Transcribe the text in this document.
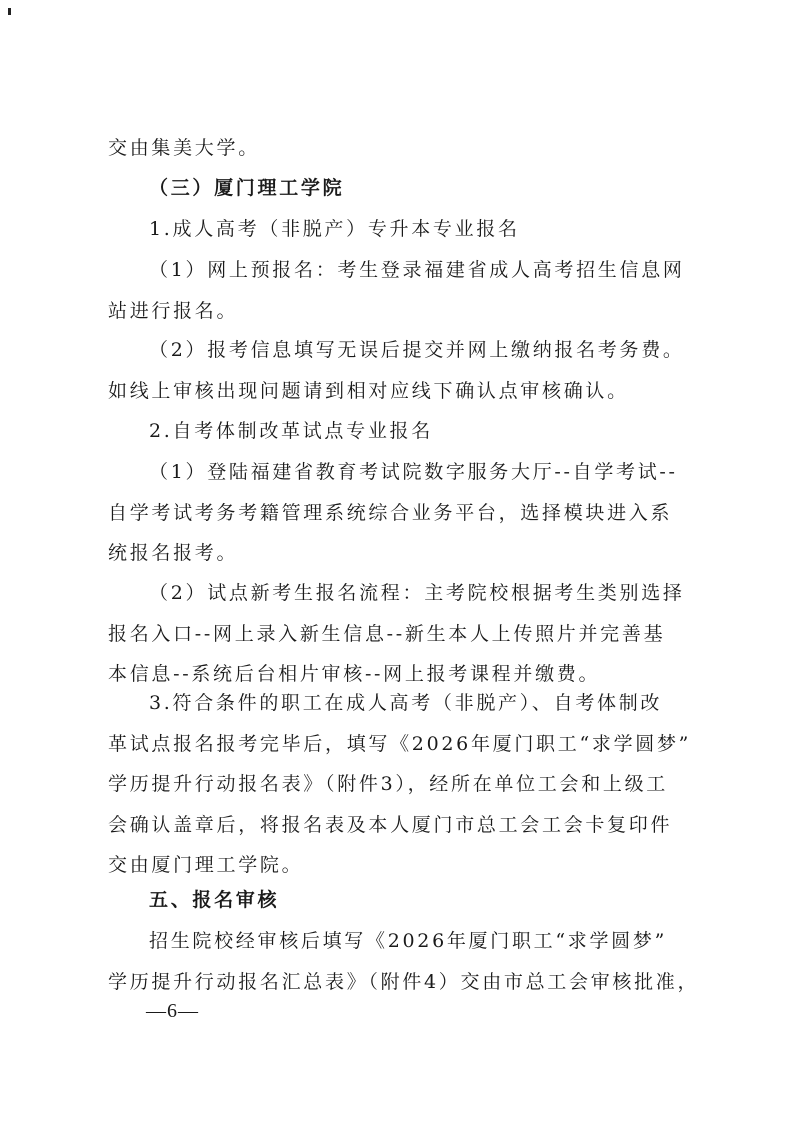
交由集美大学。

（三）厦门理工学院

1.成人高考（非脱产）专升本专业报名

（1）网上预报名：考生登录福建省成人高考招生信息网
站进行报名。

（2）报考信息填写无误后提交并网上缴纳报名考务费。
如线上审核出现问题请到相对应线下确认点审核确认。

2.自考体制改革试点专业报名

（1）登陆福建省教育考试院数字服务大厅--自学考试--
自学考试考务考籍管理系统综合业务平台，选择模块进入系
统报名报考。

（2）试点新考生报名流程：主考院校根据考生类别选择
报名入口--网上录入新生信息--新生本人上传照片并完善基
本信息--系统后台相片审核--网上报考课程并缴费。

3.符合条件的职工在成人高考（非脱产）、自考体制改
革试点报名报考完毕后，填写《2026年厦门职工“求学圆梦”
学历提升行动报名表》（附件3），经所在单位工会和上级工
会确认盖章后，将报名表及本人厦门市总工会工会卡复印件
交由厦门理工学院。

五、报名审核

招生院校经审核后填写《2026年厦门职工“求学圆梦”
学历提升行动报名汇总表》（附件4）交由市总工会审核批准，

—6—
